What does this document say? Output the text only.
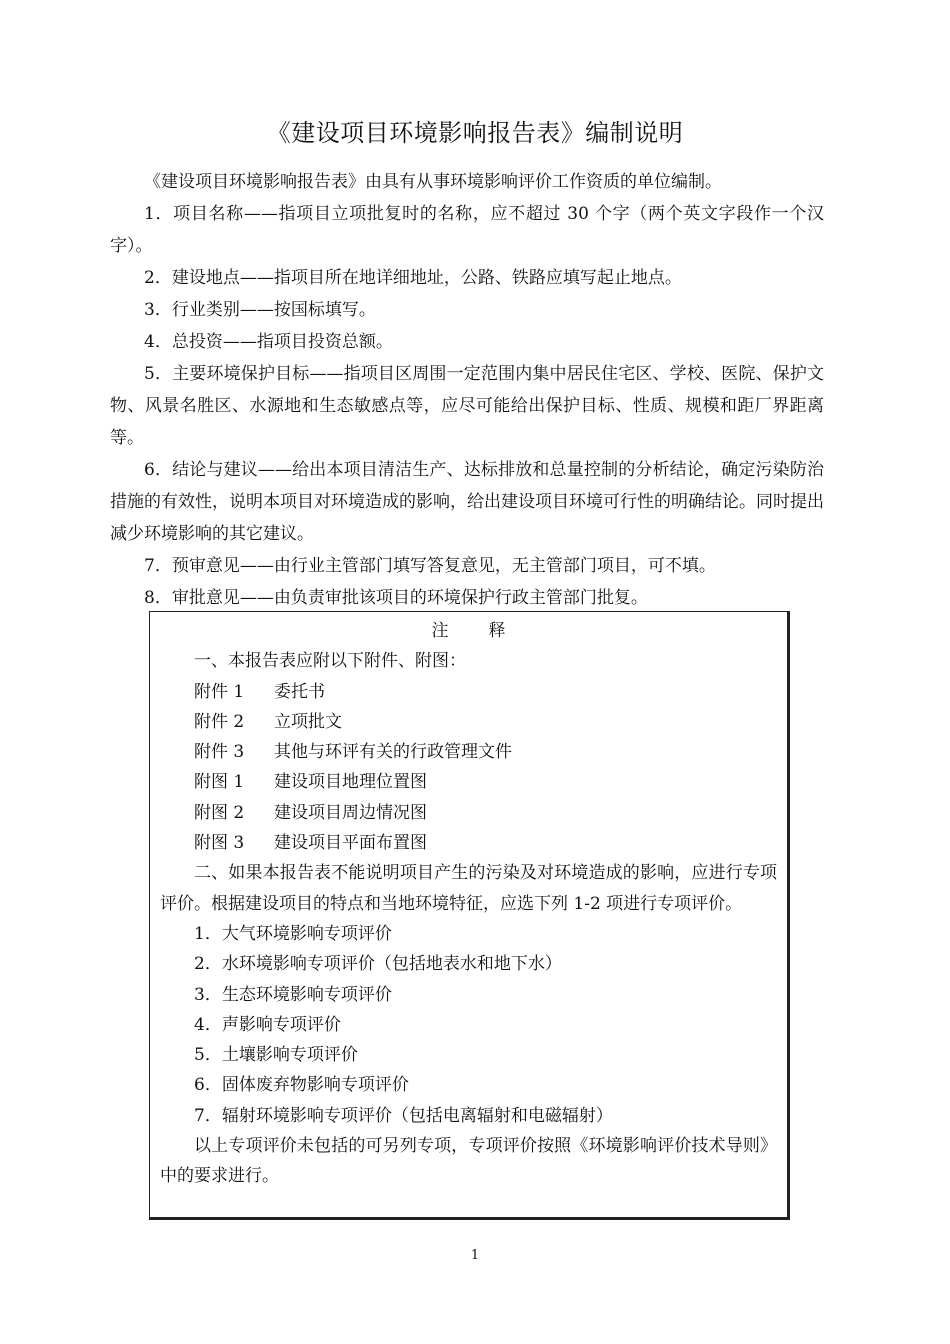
《建设项目环境影响报告表》编制说明

《建设项目环境影响报告表》由具有从事环境影响评价工作资质的单位编制。

1．项目名称——指项目立项批复时的名称，应不超过 30 个字（两个英文字段作一个汉字）。

2．建设地点——指项目所在地详细地址，公路、铁路应填写起止地点。

3．行业类别——按国标填写。

4．总投资——指项目投资总额。

5．主要环境保护目标——指项目区周围一定范围内集中居民住宅区、学校、医院、保护文物、风景名胜区、水源地和生态敏感点等，应尽可能给出保护目标、性质、规模和距厂界距离等。

6．结论与建议——给出本项目清洁生产、达标排放和总量控制的分析结论，确定污染防治措施的有效性，说明本项目对环境造成的影响，给出建设项目环境可行性的明确结论。同时提出减少环境影响的其它建议。

7．预审意见——由行业主管部门填写答复意见，无主管部门项目，可不填。

8．审批意见——由负责审批该项目的环境保护行政主管部门批复。

注释

一、本报告表应附以下附件、附图：

附件 1 委托书
附件 2 立项批文
附件 3 其他与环评有关的行政管理文件
附图 1 建设项目地理位置图
附图 2 建设项目周边情况图
附图 3 建设项目平面布置图

二、如果本报告表不能说明项目产生的污染及对环境造成的影响，应进行专项评价。根据建设项目的特点和当地环境特征，应选下列 1-2 项进行专项评价。

1．大气环境影响专项评价

2．水环境影响专项评价（包括地表水和地下水）

3．生态环境影响专项评价

4．声影响专项评价

5．土壤影响专项评价

6．固体废弃物影响专项评价

7．辐射环境影响专项评价（包括电离辐射和电磁辐射）

以上专项评价未包括的可另列专项，专项评价按照《环境影响评价技术导则》中的要求进行。

1
